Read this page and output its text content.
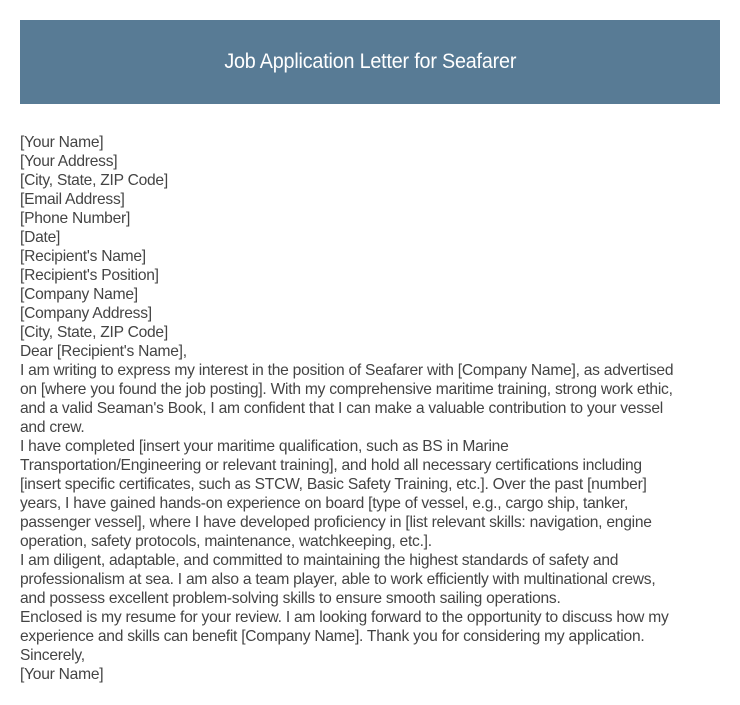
Job Application Letter for Seafarer
[Your Name]
[Your Address]
[City, State, ZIP Code]
[Email Address]
[Phone Number]
[Date]
[Recipient's Name]
[Recipient's Position]
[Company Name]
[Company Address]
[City, State, ZIP Code]
Dear [Recipient's Name],
I am writing to express my interest in the position of Seafarer with [Company Name], as advertised
on [where you found the job posting]. With my comprehensive maritime training, strong work ethic,
and a valid Seaman's Book, I am confident that I can make a valuable contribution to your vessel
and crew.
I have completed [insert your maritime qualification, such as BS in Marine
Transportation/Engineering or relevant training], and hold all necessary certifications including
[insert specific certificates, such as STCW, Basic Safety Training, etc.]. Over the past [number]
years, I have gained hands-on experience on board [type of vessel, e.g., cargo ship, tanker,
passenger vessel], where I have developed proficiency in [list relevant skills: navigation, engine
operation, safety protocols, maintenance, watchkeeping, etc.].
I am diligent, adaptable, and committed to maintaining the highest standards of safety and
professionalism at sea. I am also a team player, able to work efficiently with multinational crews,
and possess excellent problem-solving skills to ensure smooth sailing operations.
Enclosed is my resume for your review. I am looking forward to the opportunity to discuss how my
experience and skills can benefit [Company Name]. Thank you for considering my application.
Sincerely,
[Your Name]
